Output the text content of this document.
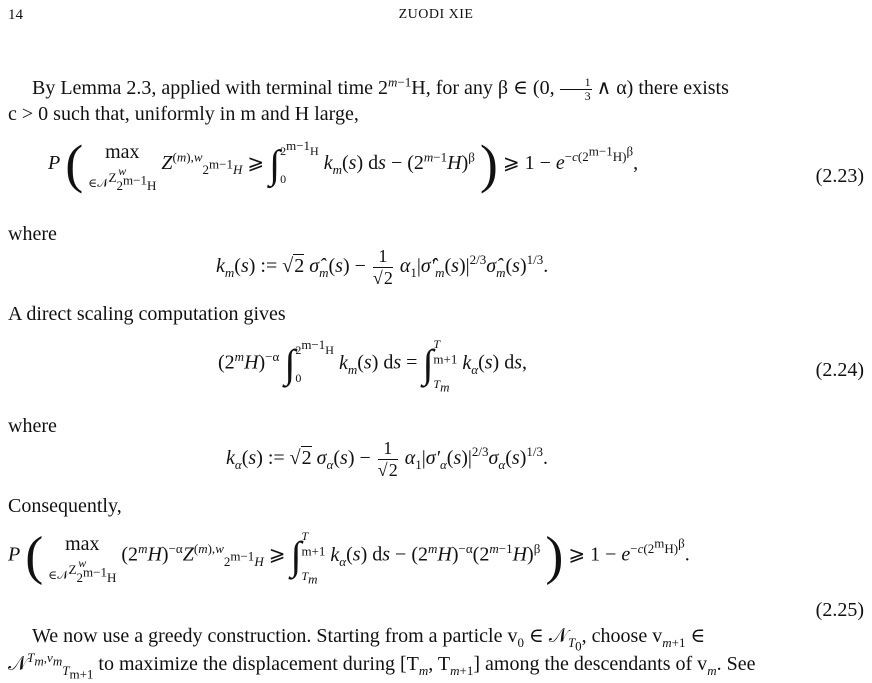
14	ZUODI XIE
By Lemma 2.3, applied with terminal time $2^{m-1}H$, for any β ∈ (0, $\frac{1}{3}$ ∧ α) there exists
c > 0 such that, uniformly in m and H large,
P (	max
w
∈𝒩$^Z_{2^{m-1}H}$
$Z^{(m),w}_{2^{m-1}H}$ ⩾ ∫ $2^{m-1}H$
0
$k_m(s)$ ds − $(2^{m-1}H)^\beta$ ) ⩾ $1 - e^{-c(2^{m-1}H)^\beta}$,
(2.23)
where
$k_m(s)$ := √2 $\sigmâ_m(s) - \frac{1}{√2}$ $\alpha_1|\sigmâ'_m(s)|^{2/3}\sigmâ_m(s)^{1/3}$.
A direct scaling computation gives
$(2^mH)^{-\alpha}$ ∫ $2^{m-1}H$
0
$k_m(s)$ ds = ∫ T
$_{m+1}$
$T_m$
$k_\alpha(s)$ ds,	(2.24)
where
$k_\alpha(s)$ := √2 $\sigma_\alpha(s) - \frac{1}{√2} \alpha_1|\sigma'_\alpha(s)|^{2/3}\sigma_\alpha(s)^{1/3}$.
Consequently,
P (	max
w
∈𝒩$^Z_{2^{m-1}H}$
$(2^mH)^{-\alpha}Z^{(m),w}_{2^{m-1}H}$ ⩾ ∫ T
$_{m+1}$
$T_m$
$k_\alpha(s)$ ds − $(2^mH)^{-\alpha}(2^{m-1}H)^\beta$ ) ⩾ $1 - e^{-c(2^mH)^\beta}$.
(2.25)
We now use a greedy construction. Starting from a particle $v_0$ ∈ 𝒩$_{T_0}$, choose $v_{m+1}$ ∈
𝒩$^{T_m,v_m}_{T_{m+1}}$ to maximize the displacement during [$T_m$, $T_{m+1}$] among the descendants of $v_m$. See
